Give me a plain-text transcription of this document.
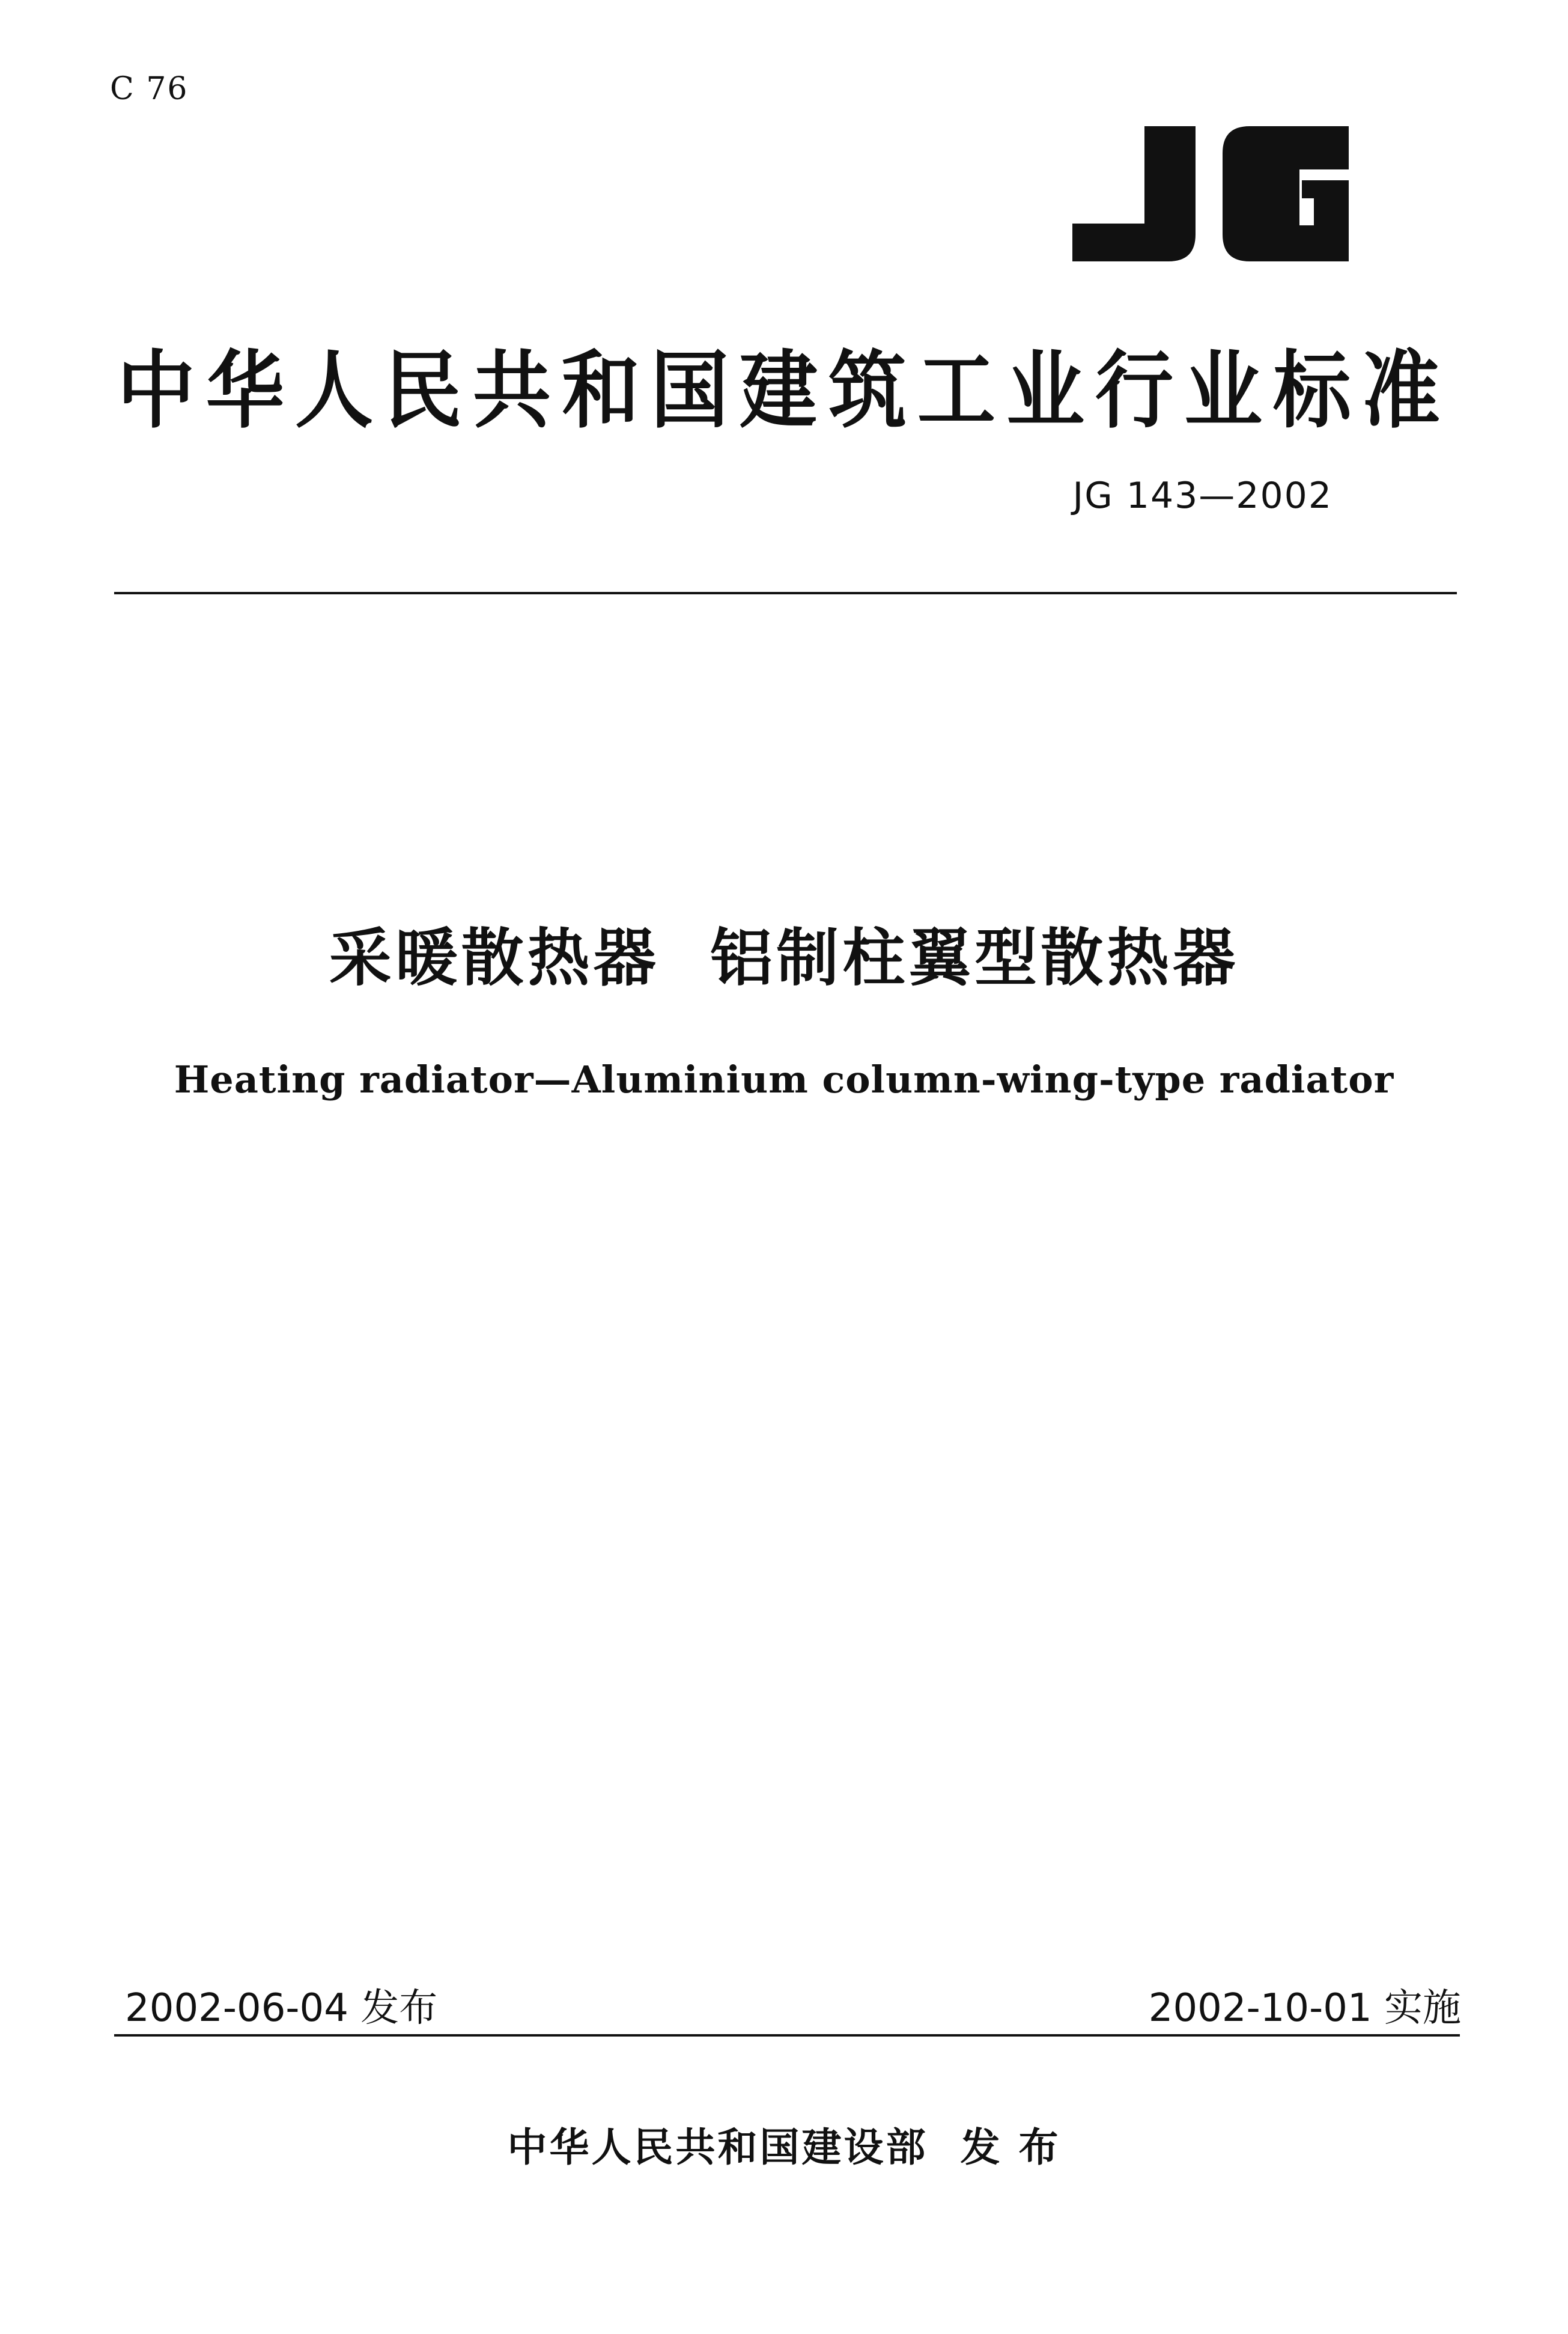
C 76
中华人民共和国建筑工业行业标准
JG 143—2002
采暖散热器  铝制柱翼型散热器
Heating radiator—Aluminium column-wing-type radiator
2002-06-04 发布	2002-10-01 实施
中华人民共和国建设部  发 布
